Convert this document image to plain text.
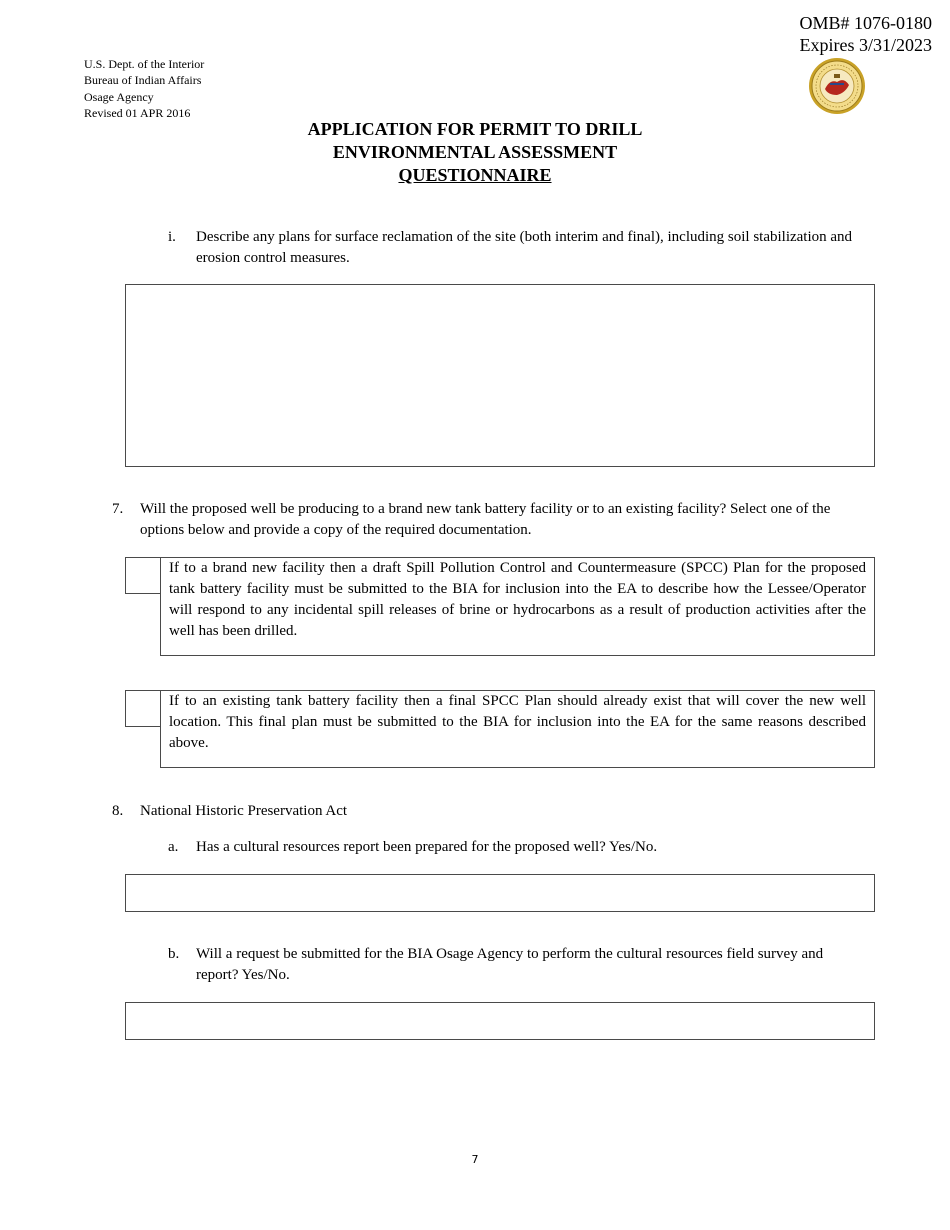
OMB# 1076-0180
Expires 3/31/2023
U.S. Dept. of the Interior
Bureau of Indian Affairs
Osage Agency
Revised 01 APR 2016
APPLICATION FOR PERMIT TO DRILL
ENVIRONMENTAL ASSESSMENT
QUESTIONNAIRE
i. Describe any plans for surface reclamation of the site (both interim and final), including soil stabilization and erosion control measures.
7. Will the proposed well be producing to a brand new tank battery facility or to an existing facility? Select one of the options below and provide a copy of the required documentation.
If to a brand new facility then a draft Spill Pollution Control and Countermeasure (SPCC) Plan for the proposed tank battery facility must be submitted to the BIA for inclusion into the EA to describe how the Lessee/Operator will respond to any incidental spill releases of brine or hydrocarbons as a result of production activities after the well has been drilled.
If to an existing tank battery facility then a final SPCC Plan should already exist that will cover the new well location. This final plan must be submitted to the BIA for inclusion into the EA for the same reasons described above.
8. National Historic Preservation Act
a. Has a cultural resources report been prepared for the proposed well? Yes/No.
b. Will a request be submitted for the BIA Osage Agency to perform the cultural resources field survey and report? Yes/No.
7
